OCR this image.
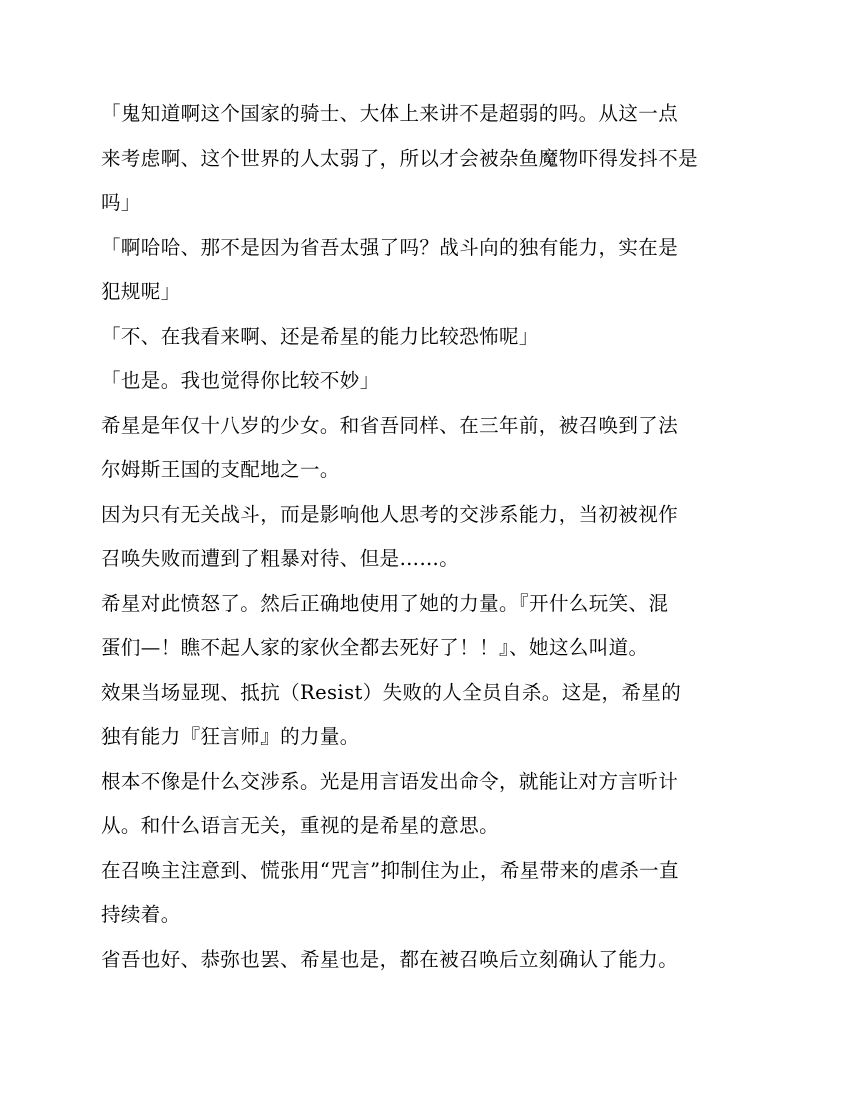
「鬼知道啊这个国家的骑士、大体上来讲不是超弱的吗。从这一点
来考虑啊、这个世界的人太弱了，所以才会被杂鱼魔物吓得发抖不是
吗」

「啊哈哈、那不是因为省吾太强了吗？战斗向的独有能力，实在是
犯规呢」

「不、在我看来啊、还是希星的能力比较恐怖呢」

「也是。我也觉得你比较不妙」

希星是年仅十八岁的少女。和省吾同样、在三年前，被召唤到了法
尔姆斯王国的支配地之一。

因为只有无关战斗，而是影响他人思考的交涉系能力，当初被视作
召唤失败而遭到了粗暴对待、但是……。

希星对此愤怒了。然后正确地使用了她的力量。『开什么玩笑、混
蛋们—！瞧不起人家的家伙全都去死好了！！』、她这么叫道。

效果当场显现、抵抗（Resist）失败的人全员自杀。这是，希星的
独有能力『狂言师』的力量。

根本不像是什么交涉系。光是用言语发出命令，就能让对方言听计
从。和什么语言无关，重视的是希星的意思。

在召唤主注意到、慌张用“咒言”抑制住为止，希星带来的虐杀一直
持续着。

省吾也好、恭弥也罢、希星也是，都在被召唤后立刻确认了能力。
